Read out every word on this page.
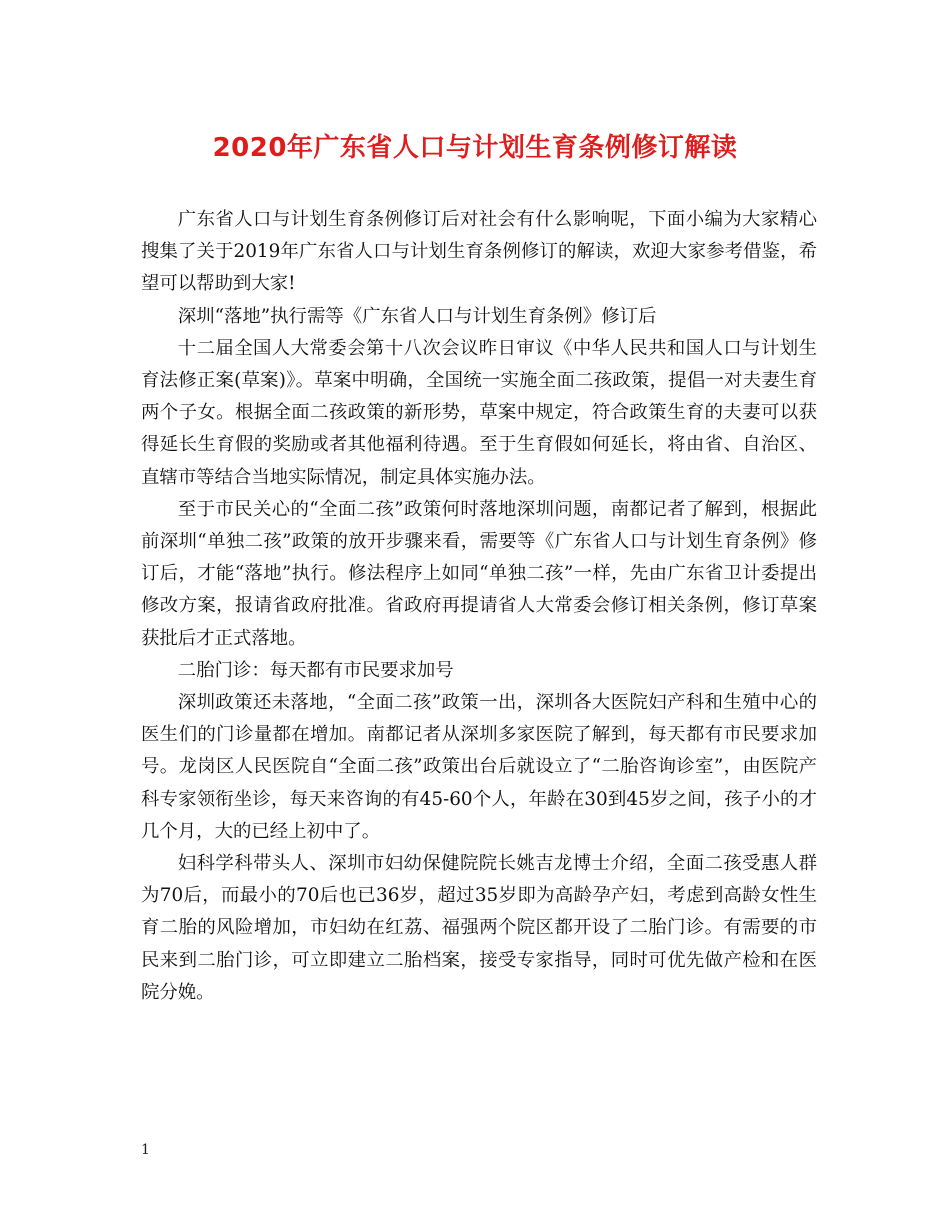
2020年广东省人口与计划生育条例修订解读

广东省人口与计划生育条例修订后对社会有什么影响呢，下面小编为大家精心搜集了关于2019年广东省人口与计划生育条例修订的解读，欢迎大家参考借鉴，希望可以帮助到大家!

深圳“落地”执行需等《广东省人口与计划生育条例》修订后

十二届全国人大常委会第十八次会议昨日审议《中华人民共和国人口与计划生育法修正案(草案)》。草案中明确，全国统一实施全面二孩政策，提倡一对夫妻生育两个子女。根据全面二孩政策的新形势，草案中规定，符合政策生育的夫妻可以获得延长生育假的奖励或者其他福利待遇。至于生育假如何延长，将由省、自治区、直辖市等结合当地实际情况，制定具体实施办法。

至于市民关心的“全面二孩”政策何时落地深圳问题，南都记者了解到，根据此前深圳“单独二孩”政策的放开步骤来看，需要等《广东省人口与计划生育条例》修订后，才能“落地”执行。修法程序上如同“单独二孩”一样，先由广东省卫计委提出修改方案，报请省政府批准。省政府再提请省人大常委会修订相关条例，修订草案获批后才正式落地。

二胎门诊：每天都有市民要求加号

深圳政策还未落地，“全面二孩”政策一出，深圳各大医院妇产科和生殖中心的医生们的门诊量都在增加。南都记者从深圳多家医院了解到，每天都有市民要求加号。龙岗区人民医院自“全面二孩”政策出台后就设立了“二胎咨询诊室”，由医院产科专家领衔坐诊，每天来咨询的有45-60个人，年龄在30到45岁之间，孩子小的才几个月，大的已经上初中了。

妇科学科带头人、深圳市妇幼保健院院长姚吉龙博士介绍，全面二孩受惠人群为70后，而最小的70后也已36岁，超过35岁即为高龄孕产妇，考虑到高龄女性生育二胎的风险增加，市妇幼在红荔、福强两个院区都开设了二胎门诊。有需要的市民来到二胎门诊，可立即建立二胎档案，接受专家指导，同时可优先做产检和在医院分娩。

1
